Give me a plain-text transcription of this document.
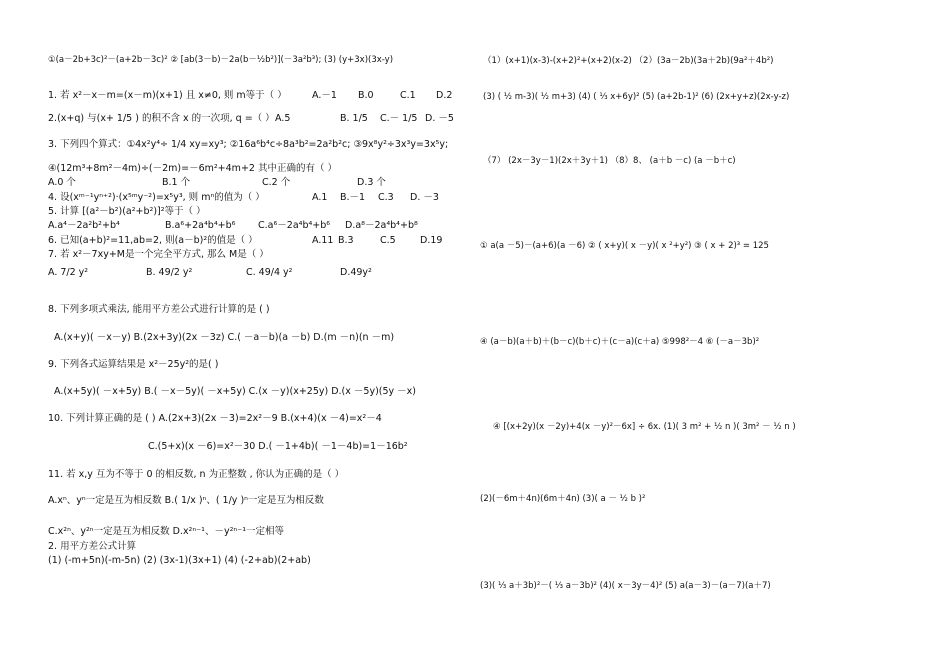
①(a－2b+3c)²－(a+2b－3c)² ② [ab(3－b)－2a(b－½b²)](－3a²b³); (3) (y+3x)(3x-y)
1. 若 x²－x－m=(x－m)(x+1) 且 x≠0, 则 m等于（ ）	A.－1 B.0	C.1 D.2
2.(x+q) 与(x+ 1/5 ) 的积不含 x 的一次项, q =（ ） A.5	B. 1/5 C.－ 1/5 D. －5
3. 下列四个算式：①4x²y⁴÷ 1/4 xy=xy³; ②16a⁶b⁴c÷8a³b²=2a²b²c; ③9x⁸y²÷3x³y=3x⁵y;
④(12m³+8m²－4m)÷(－2m)=－6m²+4m+2 其中正确的有（ ）
A.0 个	B.1 个	C.2 个	D.3 个
4. 设(xᵐ⁻¹yⁿ⁺²)·(x⁵ᵐy⁻²)=x⁵y³, 则 mⁿ的值为（ ）	A.1 B.－1 C.3 D. －3
5. 计算 [(a²－b²)(a²+b²)]²等于（ ）
A.a⁴－2a²b²+b⁴	B.a⁶+2a⁴b⁴+b⁶ C.a⁶－2a⁴b⁴+b⁶ D.a⁸－2a⁴b⁴+b⁸
6. 已知(a+b)²=11,ab=2, 则(a－b)²的值是（ ）	A.11 B.3	C.5	D.19
7. 若 x²－7xy+M是一个完全平方式, 那么 M是（ ）
A. 7/2 y²	B. 49/2 y²	C. 49/4 y²	D.49y²
8. 下列多项式乘法, 能用平方差公式进行计算的是 ( )
A.(x+y)( －x－y) B.(2x+3y)(2x －3z) C.( －a－b)(a －b) D.(m －n)(n －m)
9. 下列各式运算结果是 x²－25y²的是( )
A.(x+5y)( －x+5y) B.( －x－5y)( －x+5y) C.(x －y)(x+25y) D.(x －5y)(5y －x)
10. 下列计算正确的是 ( ) A.(2x+3)(2x －3)=2x²－9 B.(x+4)(x －4)=x²－4
C.(5+x)(x －6)=x²－30 D.( －1+4b)( －1－4b)=1－16b²
11. 若 x,y 互为不等于 0 的相反数, n 为正整数 , 你认为正确的是（ ）
A.xⁿ、yⁿ一定是互为相反数 B.( 1/x )ⁿ、( 1/y )ⁿ一定是互为相反数
C.x²ⁿ、y²ⁿ一定是互为相反数 D.x²ⁿ⁻¹、－y²ⁿ⁻¹一定相等
2. 用平方差公式计算
(1) (-m+5n)(-m-5n) (2) (3x-1)(3x+1) (4) (-2+ab)(2+ab)
（1）(x+1)(x-3)-(x+2)²+(x+2)(x-2) （2）(3a－2b)(3a＋2b)(9a²＋4b²)
(3) ( ½ m-3)( ½ m+3) (4) ( ⅓ x+6y)² (5) (a+2b-1)² (6) (2x+y+z)(2x-y-z)
（7） (2x－3y－1)(2x＋3y＋1) （8）8、 (a＋b －c) (a －b＋c)
① a(a －5)－(a+6)(a －6) ② ( x+y)( x －y)( x ²+y²) ③ ( x + 2)³ = 125
④ (a－b)(a＋b)＋(b－c)(b＋c)＋(c－a)(c＋a) ⑤998²－4 ⑥ (－a－3b)²
④ [(x+2y)(x －2y)+4(x －y)²－6x] ÷ 6x. (1)( 3 m² + ½ n )( 3m² － ½ n )
(2)(－6m＋4n)(6m＋4n) (3)( a － ½ b )²
(3)( ⅓ a＋3b)²－( ⅓ a－3b)² (4)( x－3y－4)² (5) a(a－3)－(a－7)(a＋7)
